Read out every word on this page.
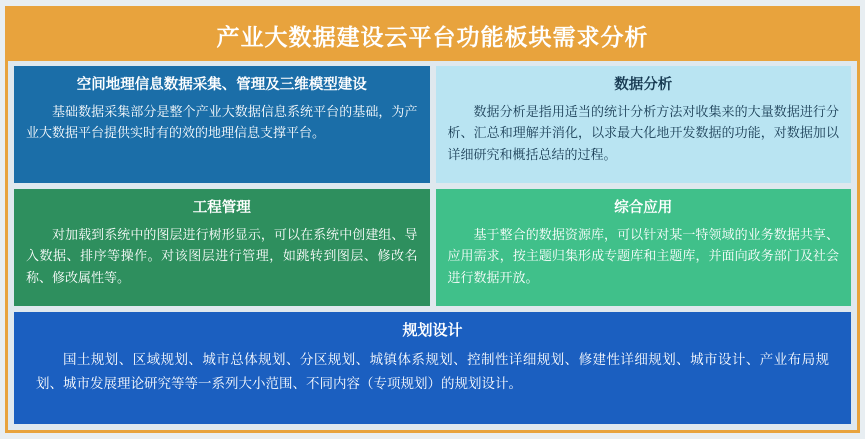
产业大数据建设云平台功能板块需求分析
空间地理信息数据采集、管理及三维模型建设
基础数据采集部分是整个产业大数据信息系统平台的基础，为产业大数据平台提供实时有的效的地理信息支撑平台。
工程管理
对加载到系统中的图层进行树形显示，可以在系统中创建组、导入数据、排序等操作。对该图层进行管理，如跳转到图层、修改名称、修改属性等。
数据分析
数据分析是指用适当的统计分析方法对收集来的大量数据进行分析、汇总和理解并消化，以求最大化地开发数据的功能，对数据加以详细研究和概括总结的过程。
综合应用
基于整合的数据资源库，可以针对某一特领域的业务数据共享、应用需求，按主题归集形成专题库和主题库，并面向政务部门及社会进行数据开放。
规划设计
国土规划、区域规划、城市总体规划、分区规划、城镇体系规划、控制性详细规划、修建性详细规划、城市设计、产业布局规划、城市发展理论研究等等一系列大小范围、不同内容（专项规划）的规划设计。
